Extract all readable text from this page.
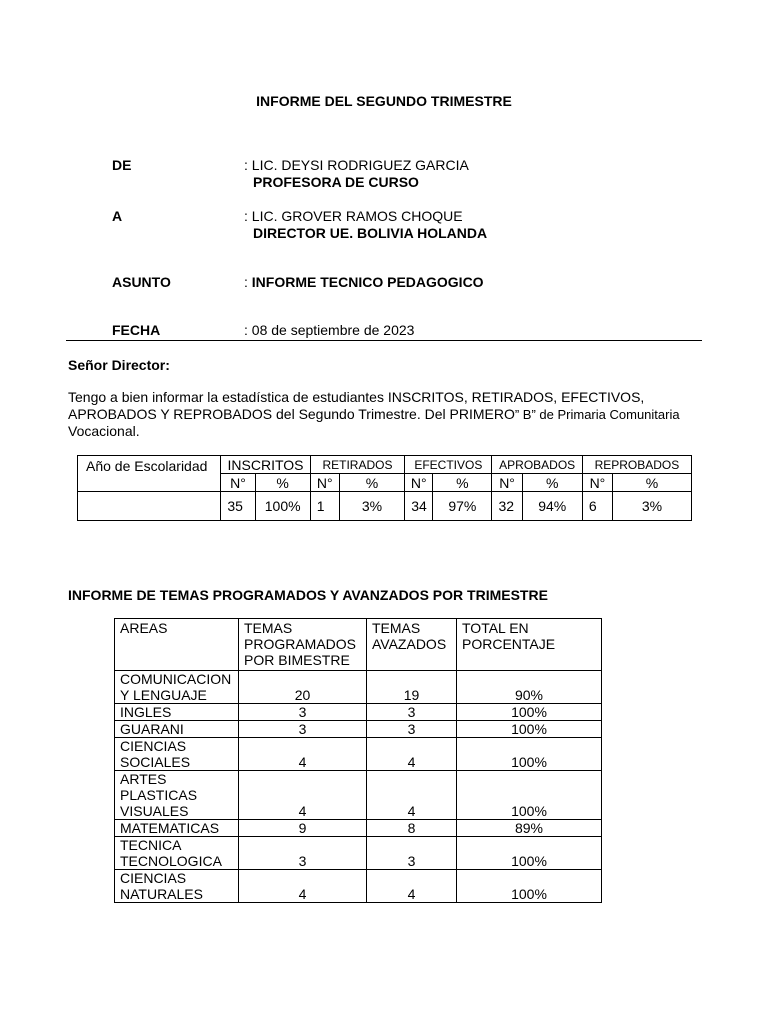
INFORME DEL SEGUNDO TRIMESTRE
DE	: LIC. DEYSI RODRIGUEZ GARCIA
PROFESORA DE CURSO
A	: LIC. GROVER RAMOS CHOQUE
DIRECTOR UE. BOLIVIA HOLANDA
ASUNTO	: INFORME TECNICO PEDAGOGICO
FECHA	: 08 de septiembre de 2023
Señor Director:
Tengo a bien informar la estadística de estudiantes INSCRITOS, RETIRADOS, EFECTIVOS, APROBADOS Y REPROBADOS del Segundo Trimestre. Del PRIMERO” B” de Primaria Comunitaria
Vocacional.
Año de Escolaridad	INSCRITOS		RETIRADOS		EFECTIVOS		APROBADOS		REPROBADOS	
	N°	%	N°	%	N°	%	N°	%	N°	%
	35	100%	1	3%	34	97%	32	94%	6	3%
INFORME DE TEMAS PROGRAMADOS Y AVANZADOS POR TRIMESTRE
AREAS	TEMAS PROGRAMADOS POR BIMESTRE	TEMAS AVAZADOS	TOTAL EN PORCENTAJE
COMUNICACION Y LENGUAJE	20	19	90%
INGLES	3	3	100%
GUARANI	3	3	100%
CIENCIAS SOCIALES	4	4	100%
ARTES PLASTICAS VISUALES	4	4	100%
MATEMATICAS	9	8	89%
TECNICA TECNOLOGICA	3	3	100%
CIENCIAS NATURALES	4	4	100%
